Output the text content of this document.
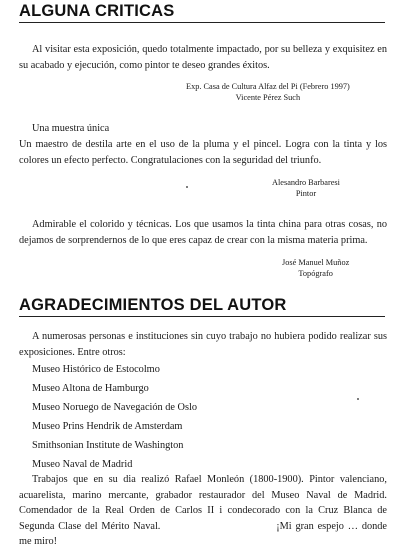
ALGUNA CRITICAS
Al visitar esta exposición, quedo totalmente impactado, por su belleza y exquisitez en su acabado y ejecución, como pintor te deseo grandes éxitos.
Exp. Casa de Cultura Alfaz del Pi (Febrero 1997)
Vicente Pérez Such
Una muestra única
Un maestro de destila arte en el uso de la pluma y el pincel. Logra con la tinta y los colores un efecto perfecto. Congratulaciones con la seguridad del triunfo.
Alesandro Barbaresi
Pintor
Admirable el colorido y técnicas. Los que usamos la tinta china para otras cosas, no dejamos de sorprendernos de lo que eres capaz de crear con la misma materia prima.
José Manuel Muñoz
Topógrafo
AGRADECIMIENTOS DEL AUTOR
A numerosas personas e instituciones sin cuyo trabajo no hubiera podido realizar sus exposiciones. Entre otros:
Museo Histórico de Estocolmo
Museo Altona de Hamburgo
Museo Noruego de Navegación de Oslo
Museo Prins Hendrik de Amsterdam
Smithsonian Institute de Washington
Museo Naval de Madrid
Trabajos que en su dia realizó Rafael Monleón (1800-1900). Pintor valenciano, acuarelista, marino mercante, grabador restaurador del Museo Naval de Madrid. Comendador de la Real Orden de Carlos II i condecorado con la Cruz Blanca de Segunda Clase del Mérito Naval.	¡Mi gran espejo … donde me miro!
